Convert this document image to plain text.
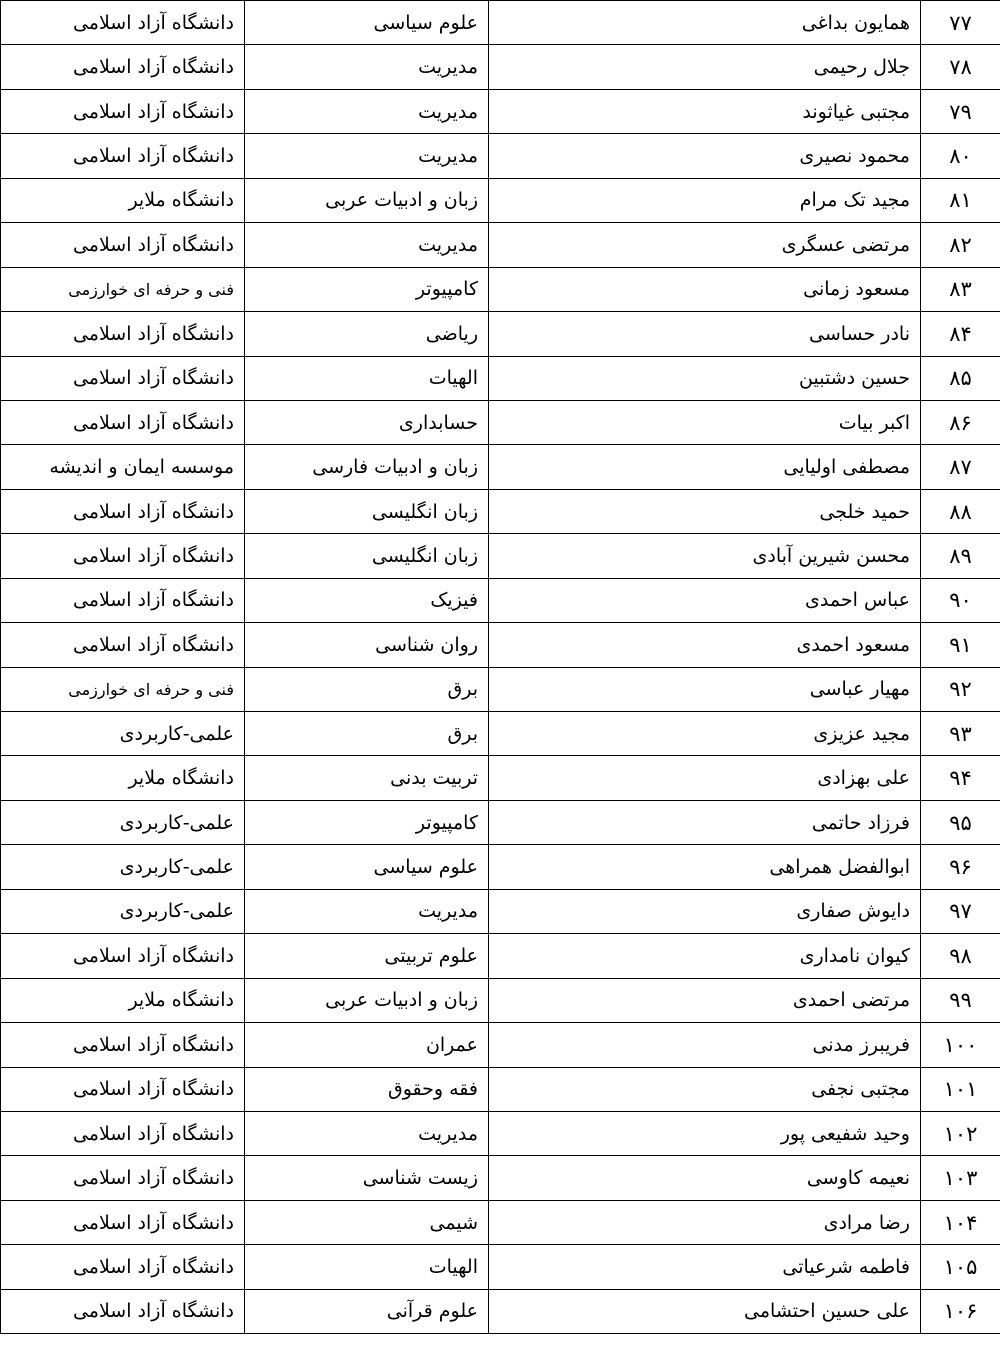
۷۷	همایون بداغی	علوم سیاسی	دانشگاه آزاد اسلامی
۷۸	جلال رحیمی	مدیریت	دانشگاه آزاد اسلامی
۷۹	مجتبی غیاثوند	مدیریت	دانشگاه آزاد اسلامی
۸۰	محمود نصیری	مدیریت	دانشگاه آزاد اسلامی
۸۱	مجید تک مرام	زبان و ادبیات عربی	دانشگاه ملایر
۸۲	مرتضی عسگری	مدیریت	دانشگاه آزاد اسلامی
۸۳	مسعود زمانی	کامپیوتر	فنی و حرفه ای خوارزمی
۸۴	نادر حساسی	ریاضی	دانشگاه آزاد اسلامی
۸۵	حسین دشتبین	الهیات	دانشگاه آزاد اسلامی
۸۶	اکبر بیات	حسابداری	دانشگاه آزاد اسلامی
۸۷	مصطفی اولیایی	زبان و ادبیات فارسی	موسسه ایمان و اندیشه
۸۸	حمید خلجی	زبان انگلیسی	دانشگاه آزاد اسلامی
۸۹	محسن شیرین آبادی	زبان انگلیسی	دانشگاه آزاد اسلامی
۹۰	عباس احمدی	فیزیک	دانشگاه آزاد اسلامی
۹۱	مسعود احمدی	روان شناسی	دانشگاه آزاد اسلامی
۹۲	مهیار عباسی	برق	فنی و حرفه ای خوارزمی
۹۳	مجید عزیزی	برق	علمی-کاربردی
۹۴	علی بهزادی	تربیت بدنی	دانشگاه ملایر
۹۵	فرزاد حاتمی	کامپیوتر	علمی-کاربردی
۹۶	ابوالفضل همراهی	علوم سیاسی	علمی-کاربردی
۹۷	دایوش صفاری	مدیریت	علمی-کاربردی
۹۸	کیوان نامداری	علوم تربیتی	دانشگاه آزاد اسلامی
۹۹	مرتضی احمدی	زبان و ادبیات عربی	دانشگاه ملایر
۱۰۰	فریبرز مدنی	عمران	دانشگاه آزاد اسلامی
۱۰۱	مجتبی نجفی	فقه وحقوق	دانشگاه آزاد اسلامی
۱۰۲	وحید شفیعی پور	مدیریت	دانشگاه آزاد اسلامی
۱۰۳	نعیمه کاوسی	زیست شناسی	دانشگاه آزاد اسلامی
۱۰۴	رضا مرادی	شیمی	دانشگاه آزاد اسلامی
۱۰۵	فاطمه شرعیاتی	الهیات	دانشگاه آزاد اسلامی
۱۰۶	علی حسین احتشامی	علوم قرآنی	دانشگاه آزاد اسلامی
